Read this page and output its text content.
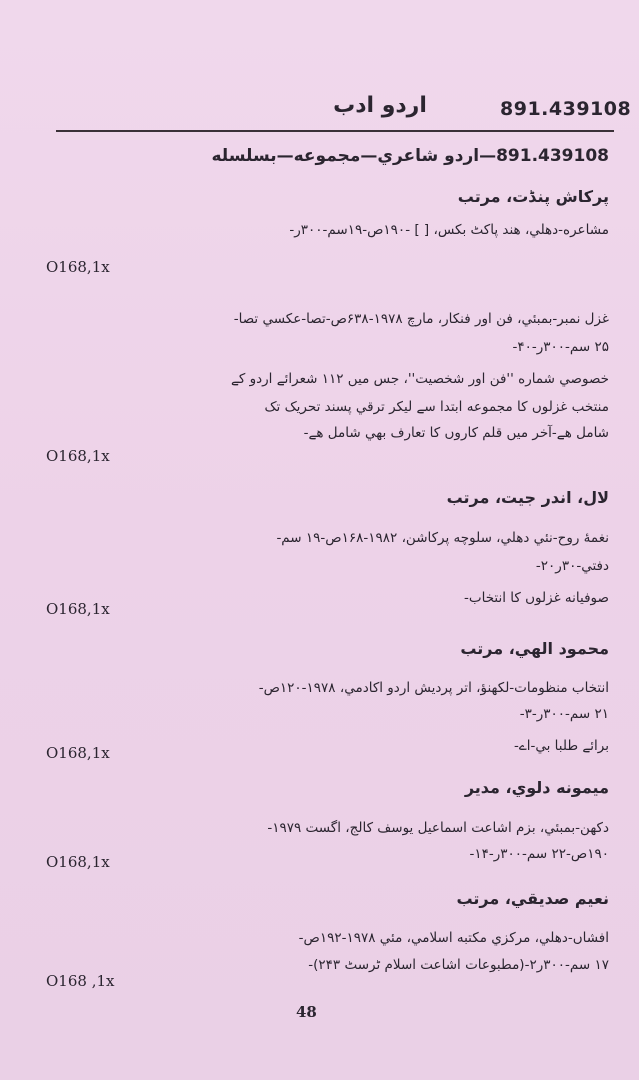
اردو ادب	891.439108
891.439108—اردو شاعري—مجموعه—بسلسله
پرکاش پنڈت، مرتب
مشاعره-دهلي، هند پاکٹ بکس، [ ] -۱۹۰ص-۱۹سم-۳۰۰ر-
O168,1x
غزل نمبر-بمبئي، فن اور فنکار، مارچ ۱۹۷۸-۶۳۸ص-تصا-عکسي تصا-
۲۵ سم-۳۰۰ر-۴۰-
خصوصي شماره ''فن اور شخصيت''، جس ميں ۱۱۲ شعرائے اردو کے
منتخب غزلوں کا مجموعه ابتدا سے ليکر ترقي پسند تحريک تک
شامل هے-آخر ميں قلم کاروں کا تعارف بهي شامل هے-
O168,1x
لال، اندر جيت، مرتب
نغمهٔ روح-نئي دهلي، سلوچه پرکاشن، ۱۹۸۲-۱۶۸ص-۱۹ سم-
دفتي-۳۰ر۲۰-
صوفيانه غزلوں کا انتخاب-
O168,1x
محمود الهي، مرتب
انتخاب منظومات-لکهنؤ، اتر پرديش اردو اکادمي، ۱۹۷۸-۱۲۰ص-
۲۱ سم-۳۰۰ر-۳-
برائے طلبا بي-اے-
O168,1x
ميمونه دلوي، مدير
دکهن-بمبئي، بزم اشاعت اسماعيل يوسف کالج، اگست ۱۹۷۹-
۱۹۰ص-۲۲ سم-۳۰۰ر-۱۴-
O168,1x
نعيم صديقي، مرتب
افشاں-دهلي، مرکزي مکتبه اسلامي، مئي ۱۹۷۸-۱۹۲ص-
۱۷ سم-۳۰۰ر۲-(مطبوعات اشاعت اسلام ٹرسٹ ۲۴۳)-
O168 ,1x
48
